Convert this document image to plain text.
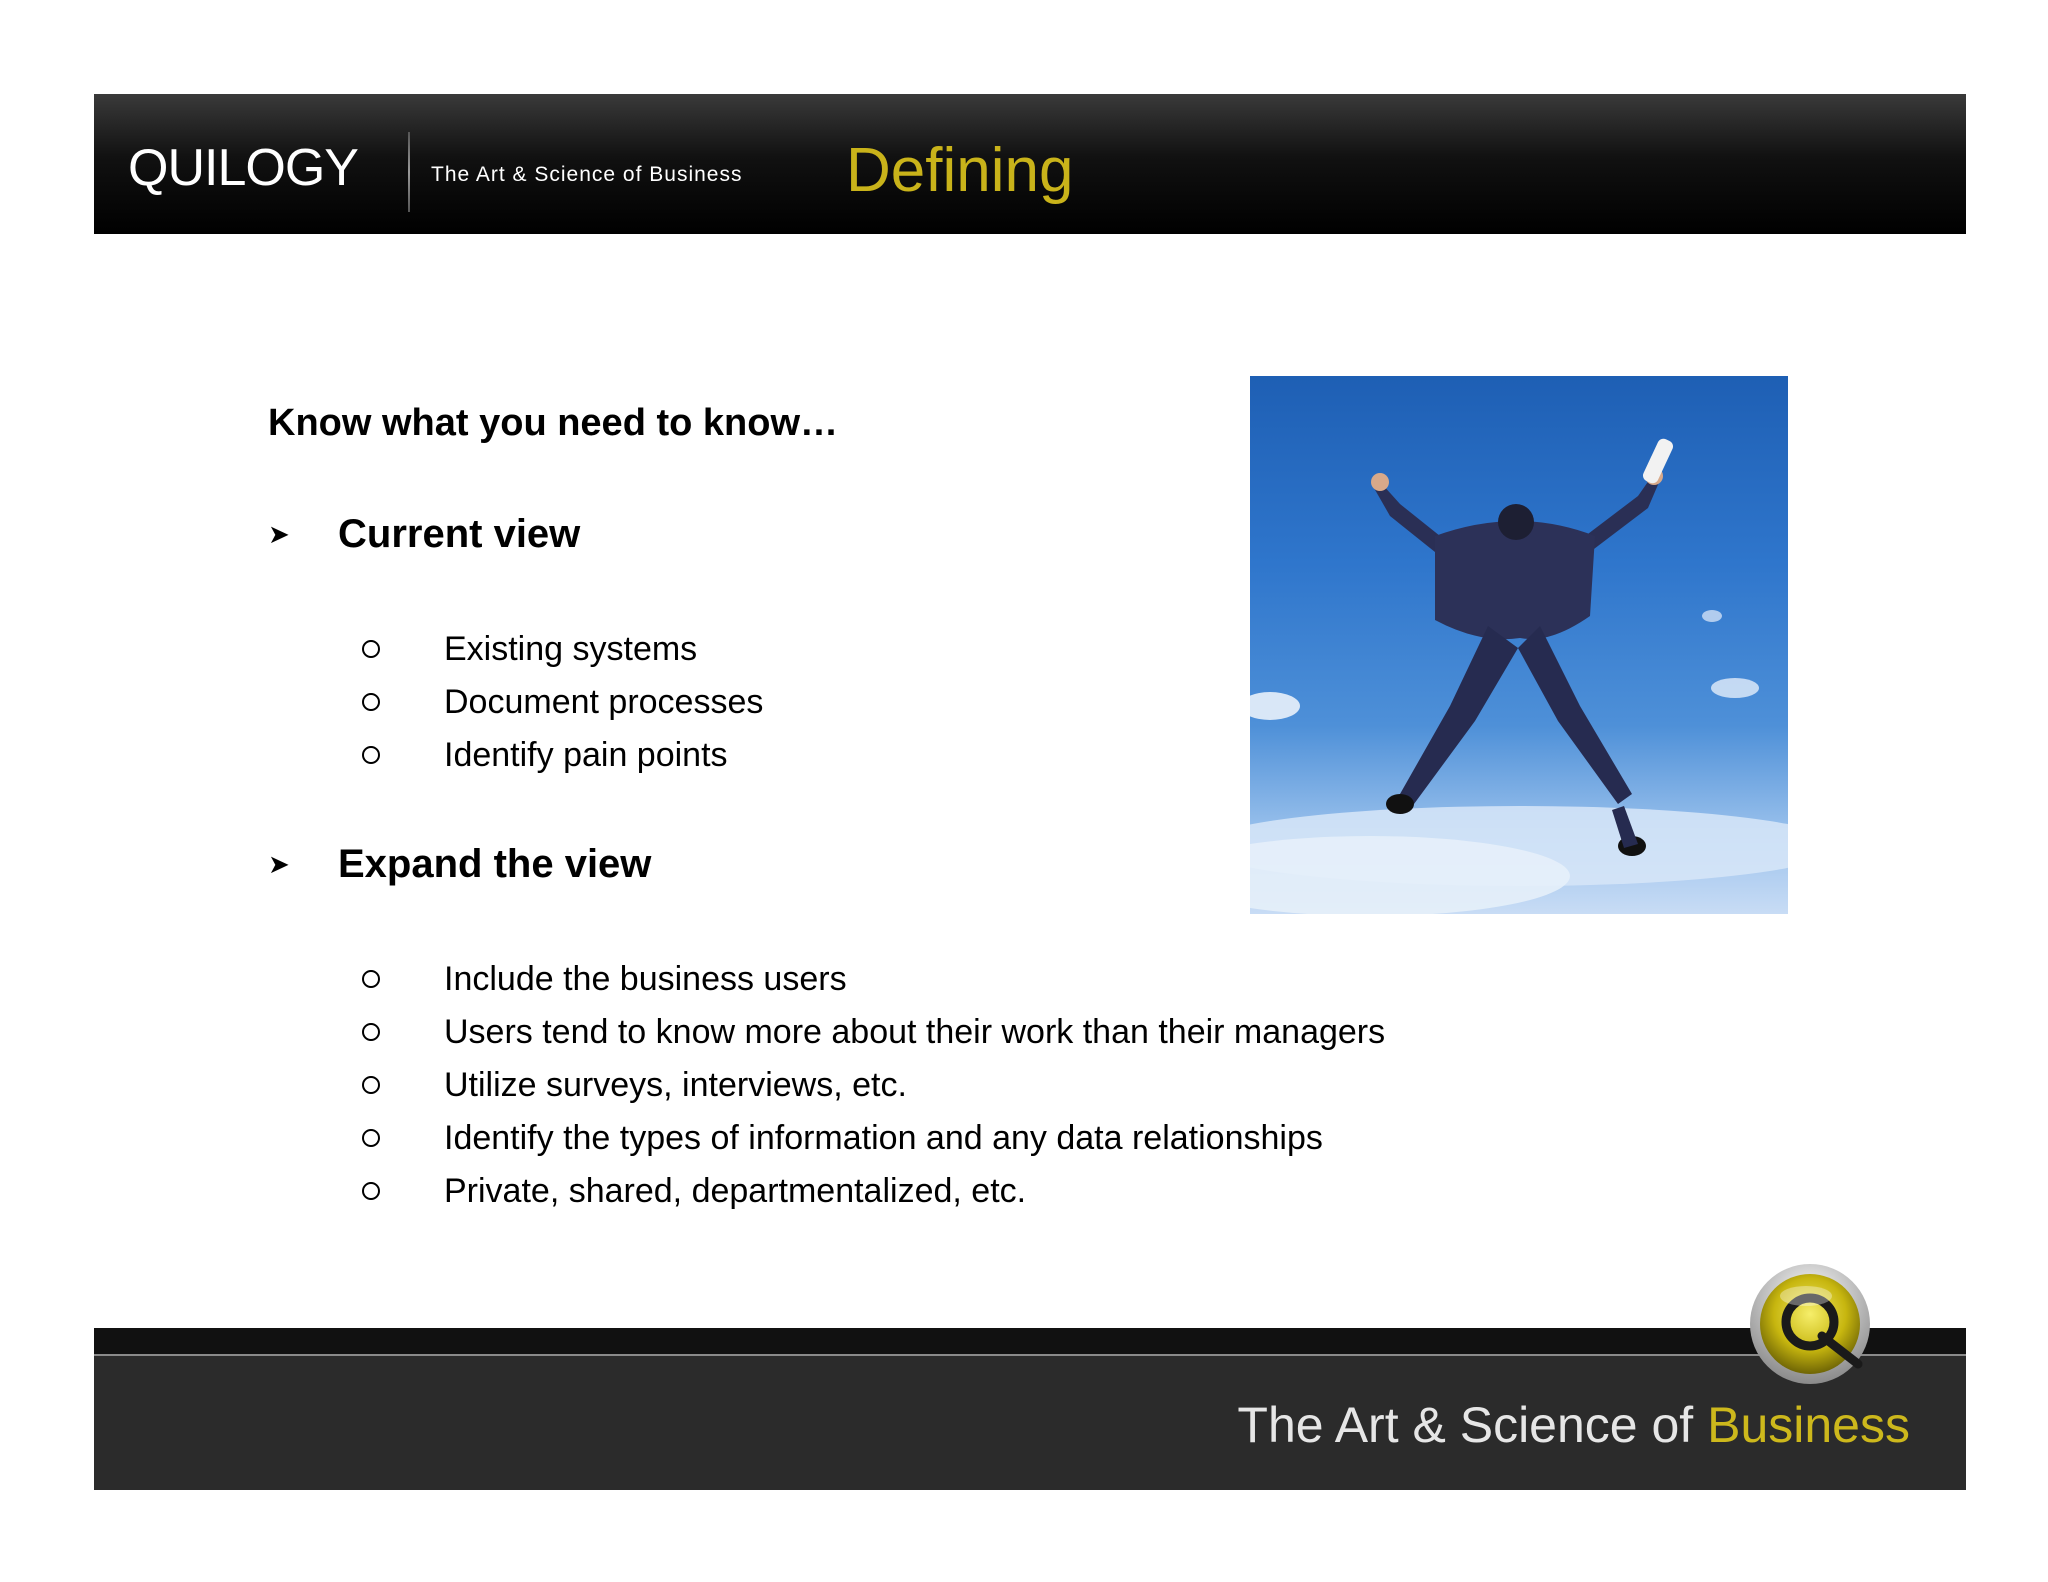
QUILOGY	The Art & Science of Business Defining
Know what you need to know…
➤	Current view
Existing systems
Document processes
Identify pain points
➤	Expand the view
Include the business users
Users tend to know more about their work than their managers
Utilize surveys, interviews, etc.
Identify the types of information and any data relationships
Private, shared, departmentalized, etc.
The Art & Science of Business
